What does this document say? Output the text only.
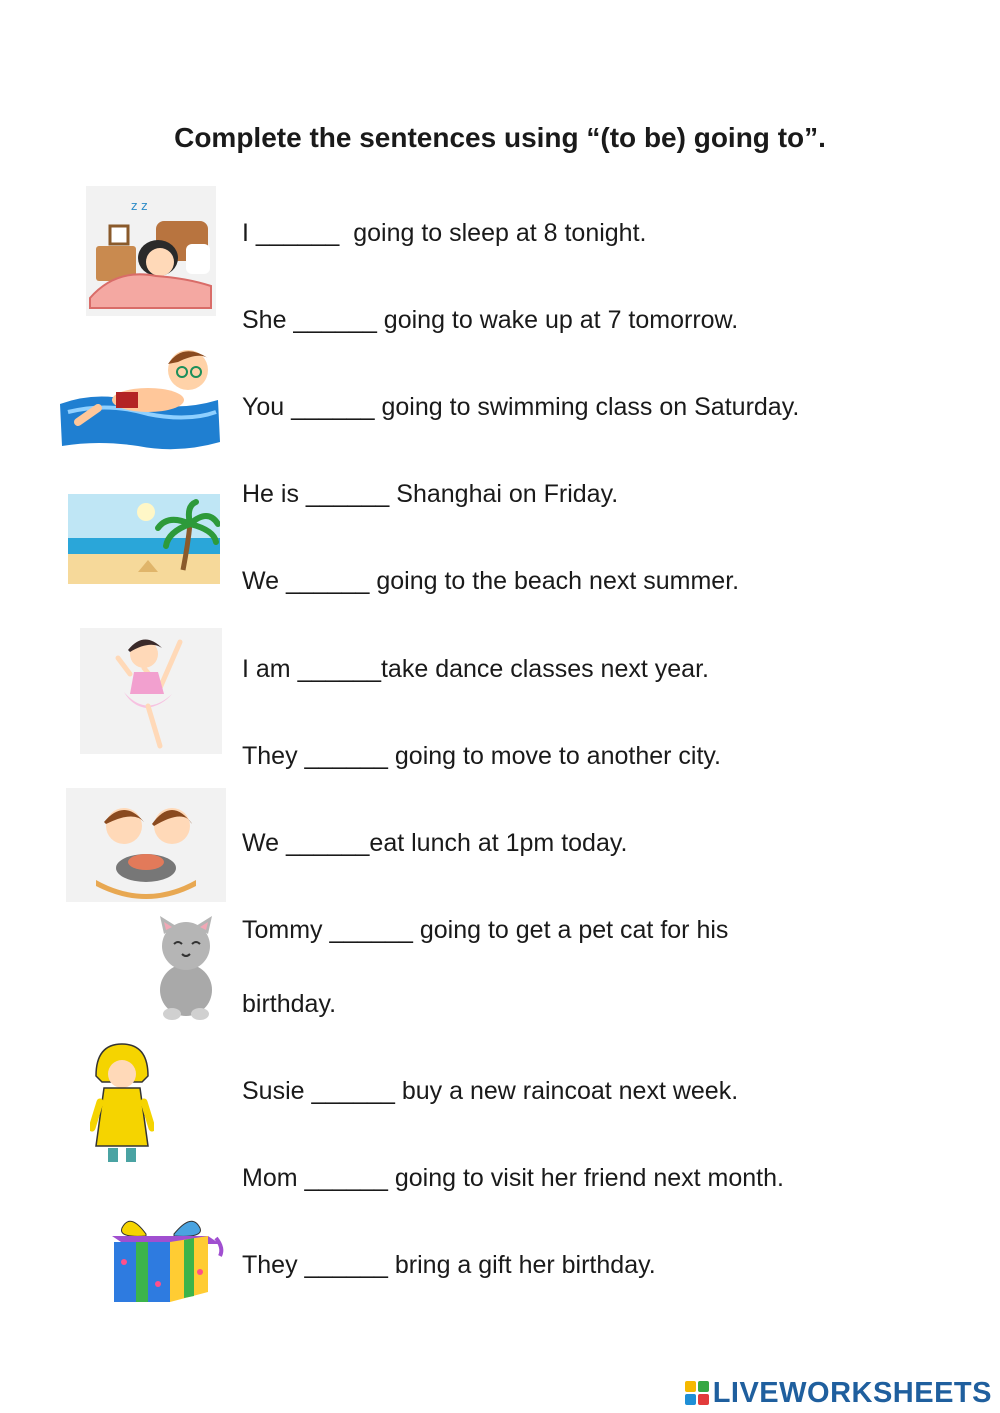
Complete the sentences using “(to be) going to”.

I ______  going to sleep at 8 tonight.

She ______ going to wake up at 7 tomorrow.

You ______ going to swimming class on Saturday.

He is ______ Shanghai on Friday.

We ______ going to the beach next summer.

I am ______take dance classes next year.

They ______ going to move to another city.

We ______eat lunch at 1pm today.

Tommy ______ going to get a pet cat for his

birthday.

Susie ______ buy a new raincoat next week.

Mom ______ going to visit her friend next month.

They ______ bring a gift her birthday.

z z
LIVEWORKSHEETS
